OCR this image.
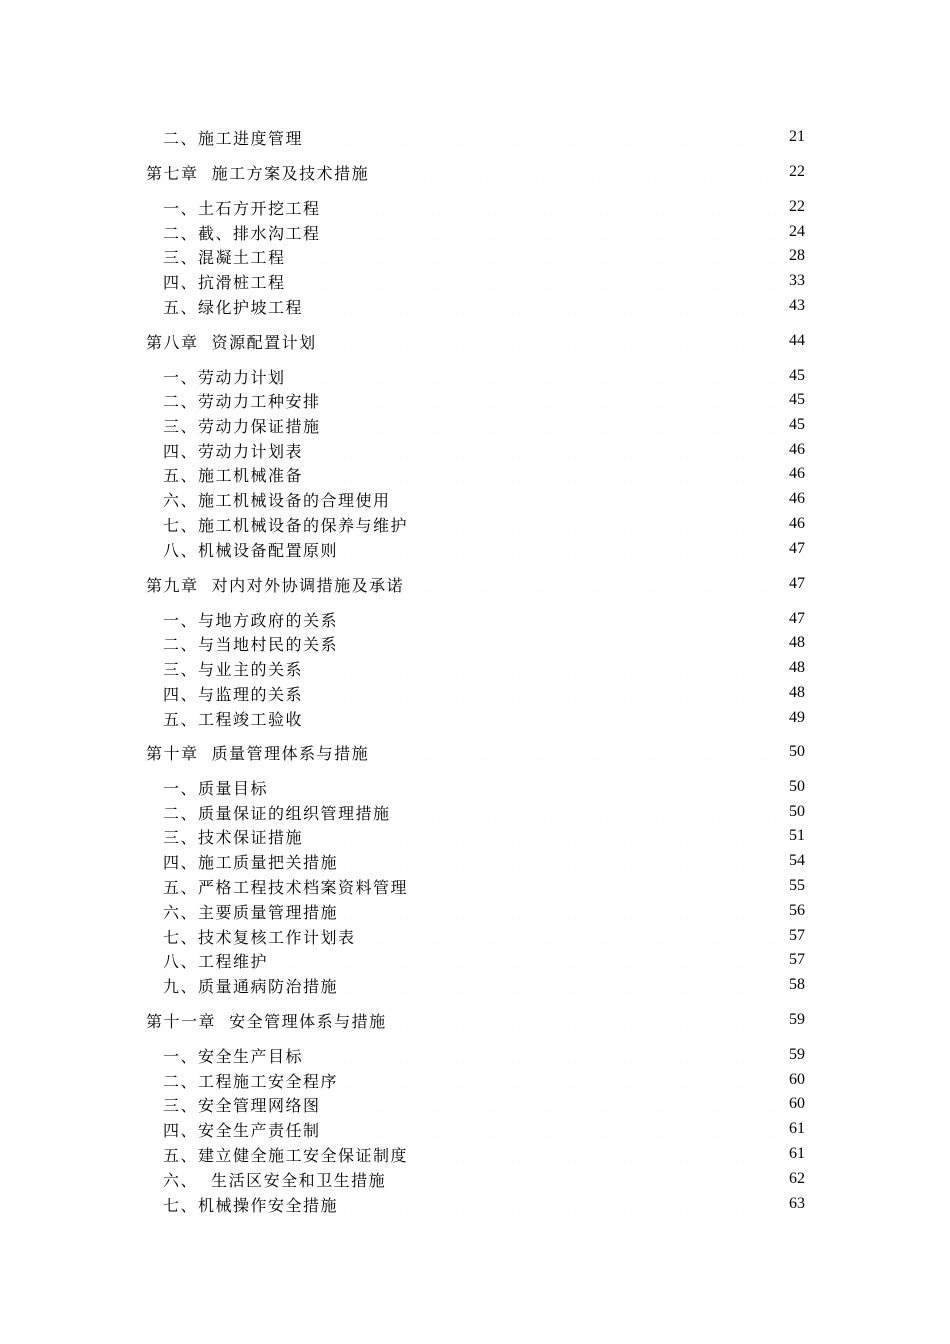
二、施工进度管理	21
第七章  施工方案及技术措施	22
一、土石方开挖工程	22
二、截、排水沟工程	24
三、混凝土工程	28
四、抗滑桩工程	33
五、绿化护坡工程	43
第八章  资源配置计划	44
一、劳动力计划	45
二、劳动力工种安排	45
三、劳动力保证措施	45
四、劳动力计划表	46
五、施工机械准备	46
六、施工机械设备的合理使用	46
七、施工机械设备的保养与维护	46
八、机械设备配置原则	47
第九章  对内对外协调措施及承诺	47
一、与地方政府的关系	47
二、与当地村民的关系	48
三、与业主的关系	48
四、与监理的关系	48
五、工程竣工验收	49
第十章  质量管理体系与措施	50
一、质量目标	50
二、质量保证的组织管理措施	50
三、技术保证措施	51
四、施工质量把关措施	54
五、严格工程技术档案资料管理	55
六、主要质量管理措施	56
七、技术复核工作计划表	57
八、工程维护	57
九、质量通病防治措施	58
第十一章  安全管理体系与措施	59
一、安全生产目标	59
二、工程施工安全程序	60
三、安全管理网络图	60
四、安全生产责任制	61
五、建立健全施工安全保证制度	61
六、  生活区安全和卫生措施	62
七、机械操作安全措施	63
